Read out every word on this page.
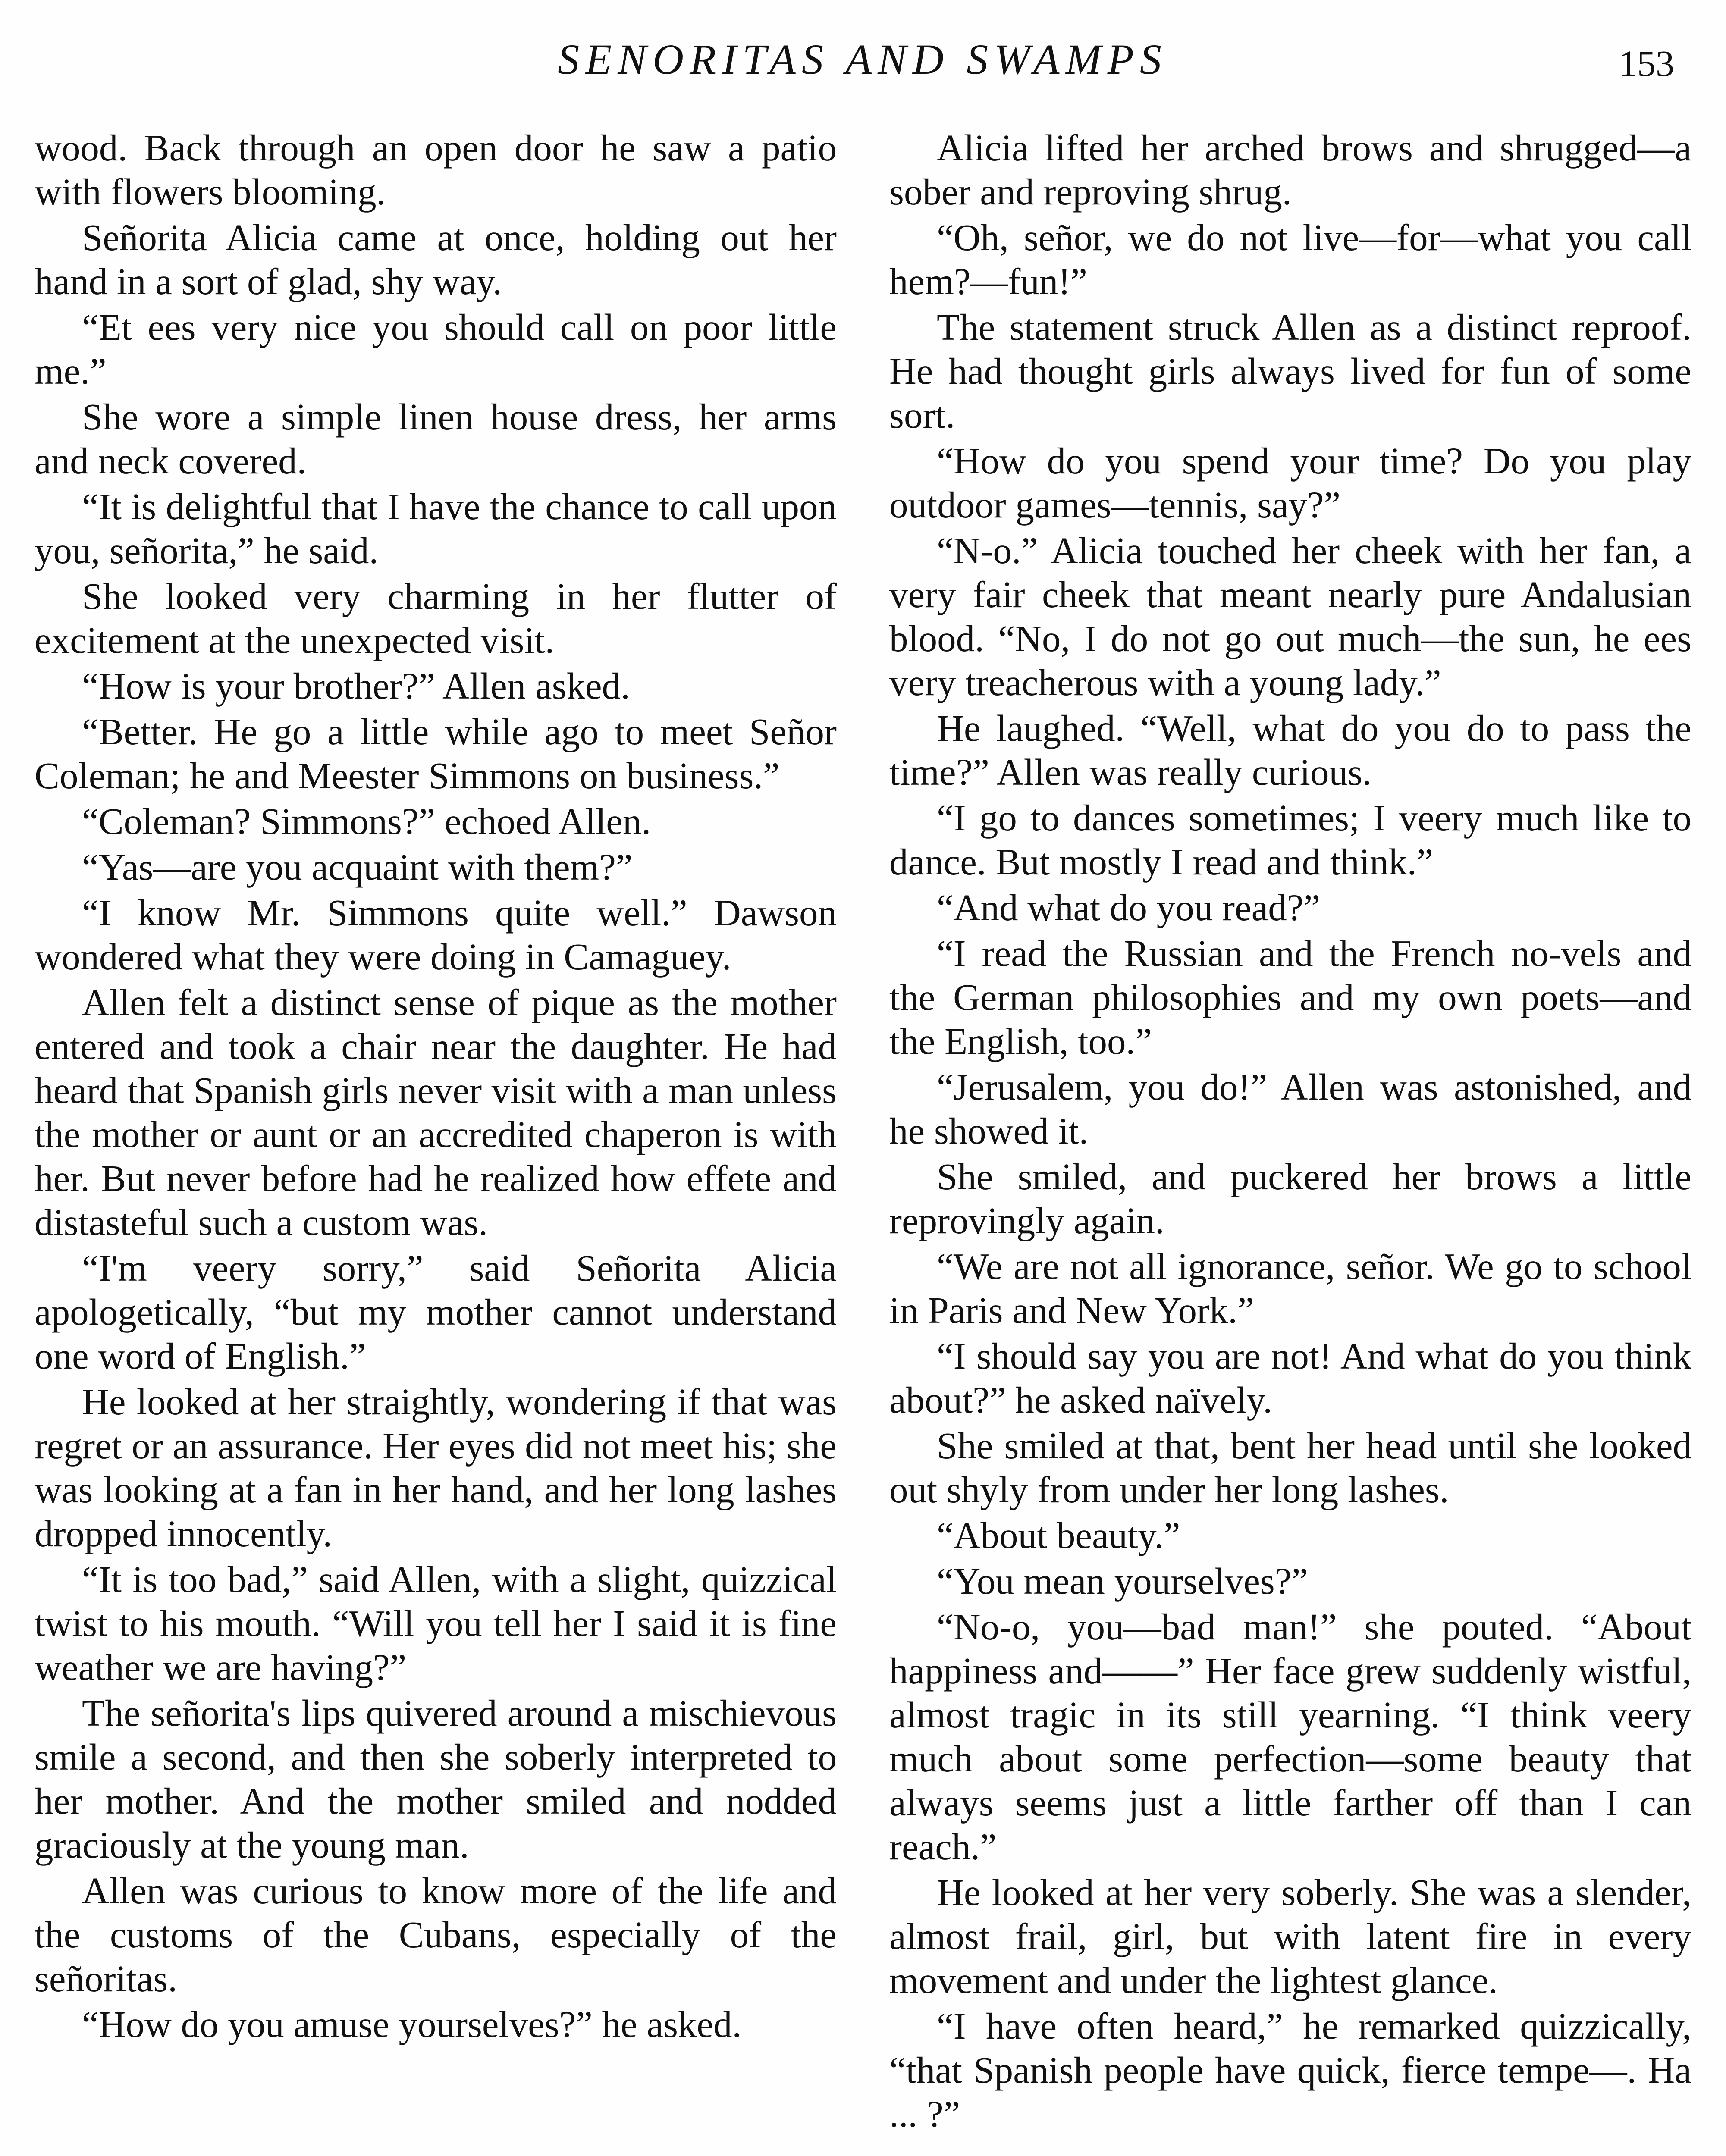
SENORITAS AND SWAMPS	153

wood. Back through an open door he saw a patio with flowers blooming.

Señorita Alicia came at once, holding out her hand in a sort of glad, shy way.

“Et ees very nice you should call on poor little me.”

She wore a simple linen house dress, her arms and neck covered.

“It is delightful that I have the chance to call upon you, señorita,” he said.

She looked very charming in her flutter of excitement at the unexpected visit.

“How is your brother?” Allen asked.

“Better. He go a little while ago to meet Señor Coleman; he and Meester Simmons on business.”

“Coleman? Simmons?” echoed Allen.

“Yas—are you acquaint with them?”

“I know Mr. Simmons quite well.” Dawson wondered what they were doing in Camaguey.

Allen felt a distinct sense of pique as the mother entered and took a chair near the daughter. He had heard that Spanish girls never visit with a man unless the mother or aunt or an accredited chaperon is with her. But never before had he realized how effete and distasteful such a custom was.

“I'm veery sorry,” said Señorita Alicia apologetically, “but my mother cannot understand one word of English.”

He looked at her straightly, wondering if that was regret or an assurance. Her eyes did not meet his; she was looking at a fan in her hand, and her long lashes dropped innocently.

“It is too bad,” said Allen, with a slight, quizzical twist to his mouth. “Will you tell her I said it is fine weather we are having?”

The señorita's lips quivered around a mischievous smile a second, and then she soberly interpreted to her mother. And the mother smiled and nodded graciously at the young man.

Allen was curious to know more of the life and the customs of the Cubans, especially of the señoritas.

“How do you amuse yourselves?” he asked.

Alicia lifted her arched brows and shrugged—a sober and reproving shrug.

“Oh, señor, we do not live—for—what you call hem?—fun!”

The statement struck Allen as a distinct reproof. He had thought girls always lived for fun of some sort.

“How do you spend your time? Do you play outdoor games—tennis, say?”

“N-o.” Alicia touched her cheek with her fan, a very fair cheek that meant nearly pure Andalusian blood. “No, I do not go out much—the sun, he ees very treacherous with a young lady.”

He laughed. “Well, what do you do to pass the time?” Allen was really curious.

“I go to dances sometimes; I veery much like to dance. But mostly I read and think.”

“And what do you read?”

“I read the Russian and the French no-vels and the German philosophies and my own poets—and the English, too.”

“Jerusalem, you do!” Allen was astonished, and he showed it.

She smiled, and puckered her brows a little reprovingly again.

“We are not all ignorance, señor. We go to school in Paris and New York.”

“I should say you are not! And what do you think about?” he asked naïvely.

She smiled at that, bent her head until she looked out shyly from under her long lashes.

“About beauty.”

“You mean yourselves?”

“No-o, you—bad man!” she pouted. “About happiness and——” Her face grew suddenly wistful, almost tragic in its still yearning. “I think veery much about some perfection—some beauty that always seems just a little farther off than I can reach.”

He looked at her very soberly. She was a slender, almost frail, girl, but with latent fire in every movement and under the lightest glance.

“I have often heard,” he remarked quizzically, “that Spanish people have quick, fierce tempe—. Ha ... ?”
